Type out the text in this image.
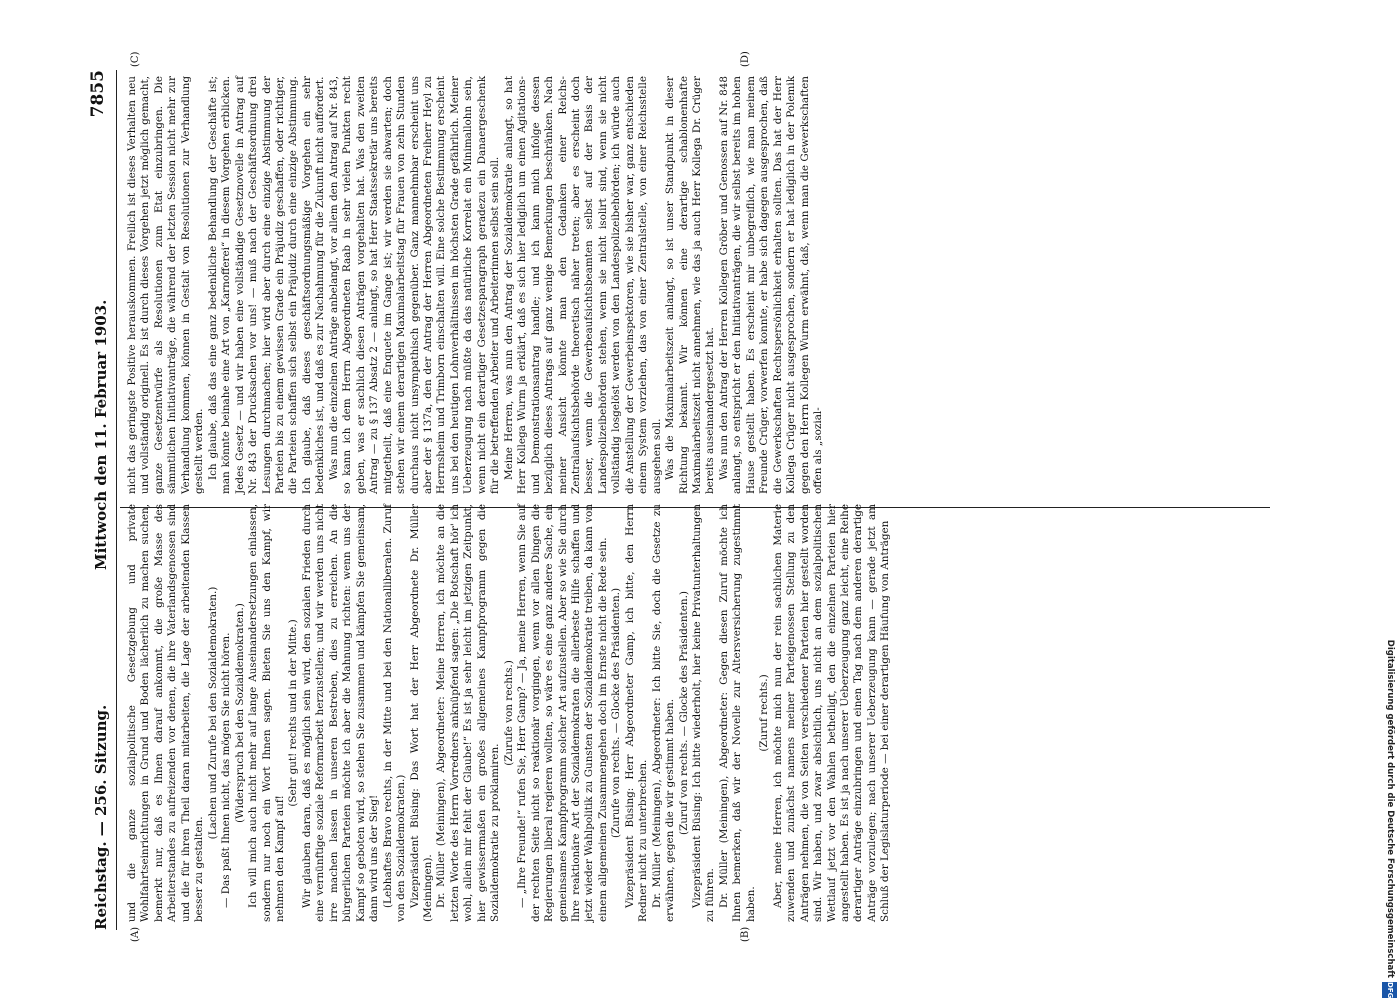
Reichstag. — 256. Sitzung.
Mittwoch den 11. Februar 1903.
7855
(A)	(B)
(C)	(D)

und die ganze sozialpolitische Gesetzgebung und private Wohlfahrtseinrichtungen in Grund und Boden lächerlich zu machen suchen, bemerkt nur, daß es Ihnen darauf ankommt, die große Masse des Arbeiterstandes zu aufreizenden vor denen, die ihre Vaterlandsgenossen sind und die für ihren Theil daran mitarbeiten, die Lage der arbeitenden Klassen besser zu gestalten.

(Lachen und Zurufe bei den Sozialdemokraten.) — Das paßt Ihnen nicht, das mögen Sie nicht hören. (Widerspruch bei den Sozialdemokraten.) Ich will mich auch nicht mehr auf lange Auseinandersetzungen einlassen, sondern nur noch ein Wort Ihnen sagen. Bieten Sie uns den Kampf, wir nehmen den Kampf auf!

(Sehr gut! rechts und in der Mitte.) Wir glauben daran, daß es möglich sein wird, den sozialen Frieden durch eine vernünftige soziale Reformarbeit herzustellen; und wir werden uns nicht irre machen lassen in unseren Bestreben, dies zu erreichen. An die bürgerlichen Parteien möchte ich aber die Mahnung richten: wenn uns der Kampf so geboten wird, so stehen Sie zusammen und kämpfen Sie gemeinsam, dann wird uns der Sieg! (Lebhaftes Bravo rechts, in der Mitte und bei den Nationalliberalen. Zuruf von den Sozialdemokraten.) Vizepräsident Büsing: Das Wort hat der Herr Abgeordnete Dr. Müller (Meiningen). Dr. Müller (Meiningen), Abgeordneter: Meine Herren, ich möchte an die letzten Worte des Herrn Vorredners anknüpfend sagen: „Die Botschaft hör' ich wohl, allein mir fehlt der Glaube!“ Es ist ja sehr leicht im jetzigen Zeitpunkt, hier gewissermaßen ein großes allgemeines Kampfprogramm gegen die Sozialdemokratie zu proklamiren.

(Zurufe von rechts.) — „Ihre Freunde!“ rufen Sie, Herr Gamp? — Ja, meine Herren, wenn Sie auf der rechten Seite nicht so reaktionär vorgingen, wenn vor allen Dingen die Regierungen liberal regieren wollten, so wäre es eine ganz andere Sache, ein gemeinsames Kampfprogramm solcher Art aufzustellen. Aber so wie Sie durch Ihre reaktionäre Art der Sozialdemokraten die allerbeste Hilfe schaffen und jetzt wieder Wahlpolitik zu Gunsten der Sozialdemokratie treiben, da kann von einem allgemeinen Zusammengehen doch im Ernste nicht die Rede sein. (Zurufe von rechts. — Glocke des Präsidenten.) Vizepräsident Büsing: Herr Abgeordneter Gamp, ich bitte, den Herrn Redner nicht zu unterbrechen. Dr. Müller (Meiningen), Abgeordneter: Ich bitte Sie, doch die Gesetze zu erwähnen, gegen die wir gestimmt haben. (Zuruf von rechts. — Glocke des Präsidenten.) Vizepräsident Büsing: Ich bitte wiederholt, hier keine Privatunterhaltungen zu führen. Dr. Müller (Meiningen), Abgeordneter: Gegen diesen Zuruf möchte ich Ihnen bemerken, daß wir der Novelle zur Altersversicherung zugestimmt haben.

(Zuruf rechts.) Aber, meine Herren, ich möchte mich nun der rein sachlichen Materie zuwenden und zunächst namens meiner Parteigenossen Stellung zu den Anträgen nehmen, die von Seiten verschiedener Parteien hier gestellt worden sind. Wir haben, und zwar absichtlich, uns nicht an dem sozialpolitischen Wettlauf jetzt vor den Wahlen betheiligt, den die einzelnen Parteien hier angestellt haben. Es ist ja nach unserer Ueberzeugung ganz leicht, eine Reihe derartiger Anträge einzubringen und einen Tag nach dem anderen derartige Anträge vorzulegen; nach unserer Ueberzeugung kann — gerade jetzt am Schluß der Legislaturperiode — bei einer derartigen Häufung von Anträgen

nicht das geringste Positive herauskommen. Freilich ist dieses Verhalten neu und vollständig originell. Es ist durch dieses Vorgehen jetzt möglich gemacht, ganze Gesetzentwürfe als Resolutionen zum Etat einzubringen. Die sämmtlichen Initiativanträge, die während der letzten Session nicht mehr zur Verhandlung kommen, können in Gestalt von Resolutionen zur Verhandlung gestellt werden. Ich glaube, daß das eine ganz bedenkliche Behandlung der Geschäfte ist; man könnte beinahe eine Art von „Karnofferei“ in diesem Vorgehen erblicken. Jedes Gesetz — und wir haben eine vollständige Gesetznovelle in Antrag auf Nr. 843 der Drucksachen vor uns! — muß nach der Geschäftsordnung drei Lesungen durchmachen; hier wird aber durch eine einzige Abstimmung der Parteien bis zu einem gewissen Grade ein Präjudiz geschaffen, oder richtiger, die Parteien schaffen sich selbst ein Präjudiz durch eine einzige Abstimmung. Ich glaube, daß dieses geschäftsordnungsmäßige Vorgehen ein sehr bedenkliches ist, und daß es zur Nachahmung für die Zukunft nicht auffordert. Was nun die einzelnen Anträge anbelangt, vor allem den Antrag auf Nr. 843, so kann ich dem Herrn Abgeordneten Raab in sehr vielen Punkten recht geben, was er sachlich diesen Anträgen vorgehalten hat. Was den zweiten Antrag — zu § 137 Absatz 2 — anlangt, so hat Herr Staatssekretär uns bereits mitgetheilt, daß eine Enquete im Gange ist; wir werden sie abwarten; doch stehen wir einem derartigen Maximalarbeitstag für Frauen von zehn Stunden durchaus nicht unsympathisch gegenüber. Ganz mannehmbar erscheint uns aber der § 137a, den der Antrag der Herren Abgeordneten Freiherr Heyl zu Herrnsheim und Trimborn einschalten will. Eine solche Bestimmung erscheint uns bei den heutigen Lohnverhältnissen im höchsten Grade gefährlich. Meiner Ueberzeugung nach müßte da das natürliche Korrelat ein Minimallohn sein, wenn nicht ein derartiger Gesetzesparagraph geradezu ein Danaergeschenk für die betreffenden Arbeiter und Arbeiterinnen selbst sein soll. Meine Herren, was nun den Antrag der Sozialdemokratie anlangt, so hat Herr Kollega Wurm ja erklärt, daß es sich hier lediglich um einen Agitations- und Demonstrationsantrag handle; und ich kann mich infolge dessen bezüglich dieses Antrags auf ganz wenige Bemerkungen beschränken. Nach meiner Ansicht könnte man den Gedanken einer Reichs-Zentralaufsichtsbehörde theoretisch näher treten; aber es erscheint doch besser, wenn die Gewerbeaufsichtsbeamten selbst auf der Basis der Landespolizeibehörden stehen, wenn sie nicht isolirt sind, wenn sie nicht vollständig losgelöst werden von den Landespolizeibehörden; ich würde auch die Anstellung der Gewerbeinspektoren, wie sie bisher war, ganz entschieden einem System vorziehen, das von einer Zentralstelle, von einer Reichsstelle ausgehen soll. Was die Maximalarbeitszeit anlangt, so ist unser Standpunkt in dieser Richtung bekannt. Wir können eine derartige schablonenhafte Maximalarbeitszeit nicht annehmen, wie das ja auch Herr Kollega Dr. Crüger bereits auseinandergesetzt hat. Was nun den Antrag der Herren Kollegen Gröber und Genossen auf Nr. 848 anlangt, so entspricht er den Initiativanträgen, die wir selbst bereits im hohen Hause gestellt haben. Es erscheint mir unbegreiflich, wie man meinem Freunde Crüger, vorwerfen konnte, er habe sich dagegen ausgesprochen, daß die Gewerkschaften Rechtspersönlichkeit erhalten sollten. Das hat der Herr Kollega Crüger nicht ausgesprochen, sondern er hat lediglich in der Polemik gegen den Herrn Kollegen Wurm erwähnt, daß, wenn man die Gewerkschaften offen als „sozial-

Digitalisierung gefördert durch die Deutsche Forschungsgemeinschaft
DFG
